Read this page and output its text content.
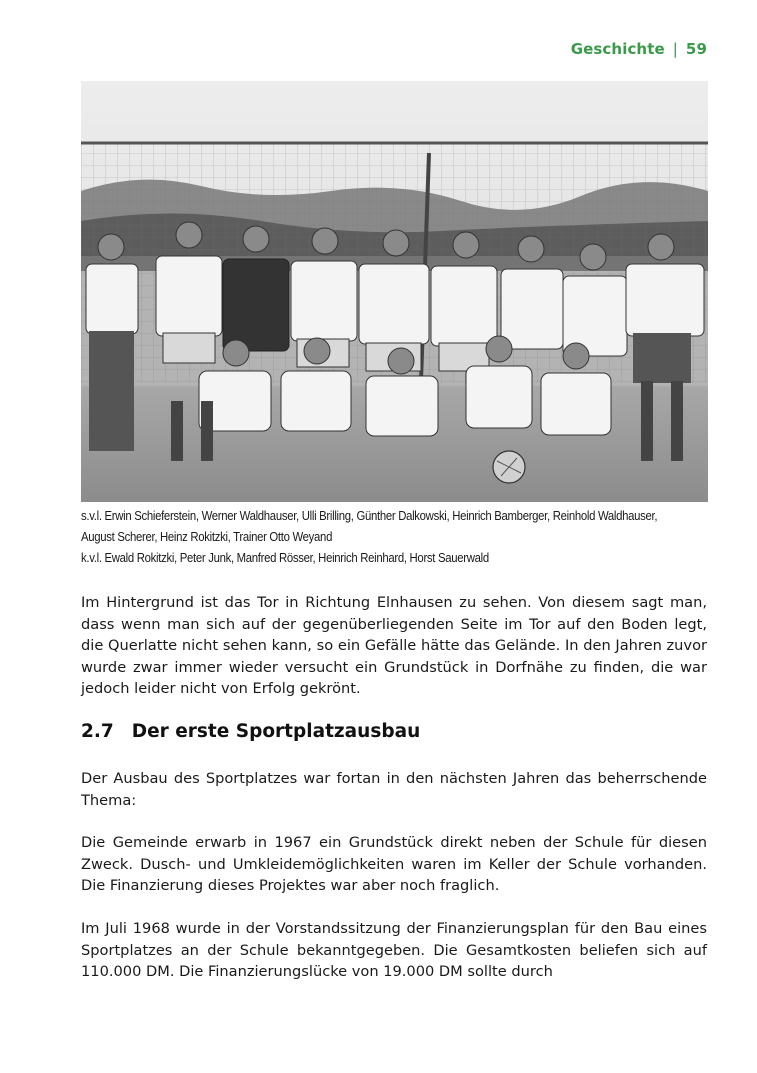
Geschichte | 59
s.v.l. Erwin Schieferstein, Werner Waldhauser, Ulli Brilling, Günther Dalkowski, Heinrich Bamberger, Reinhold Waldhauser,
August Scherer, Heinz Rokitzki, Trainer Otto Weyand
k.v.l. Ewald Rokitzki, Peter Junk, Manfred Rösser, Heinrich Reinhard, Horst Sauerwald
Im Hintergrund ist das Tor in Richtung Elnhausen zu sehen. Von diesem sagt man, dass wenn man sich auf der gegenüberliegenden Seite im Tor auf den Boden legt, die Querlatte nicht sehen kann, so ein Gefälle hätte das Gelände. In den Jahren zuvor wurde zwar immer wieder versucht ein Grundstück in Dorfnähe zu finden, die war jedoch leider nicht von Erfolg gekrönt.
2.7 Der erste Sportplatzausbau
Der Ausbau des Sportplatzes war fortan in den nächsten Jahren das beherrschende Thema:
Die Gemeinde erwarb in 1967 ein Grundstück direkt neben der Schule für diesen Zweck. Dusch- und Umkleidemöglichkeiten waren im Keller der Schule vorhanden. Die Finanzierung dieses Projektes war aber noch fraglich.
Im Juli 1968 wurde in der Vorstandssitzung der Finanzierungsplan für den Bau eines Sportplatzes an der Schule bekanntgegeben. Die Gesamtkosten beliefen sich auf 110.000 DM. Die Finanzierungslücke von 19.000 DM sollte durch
